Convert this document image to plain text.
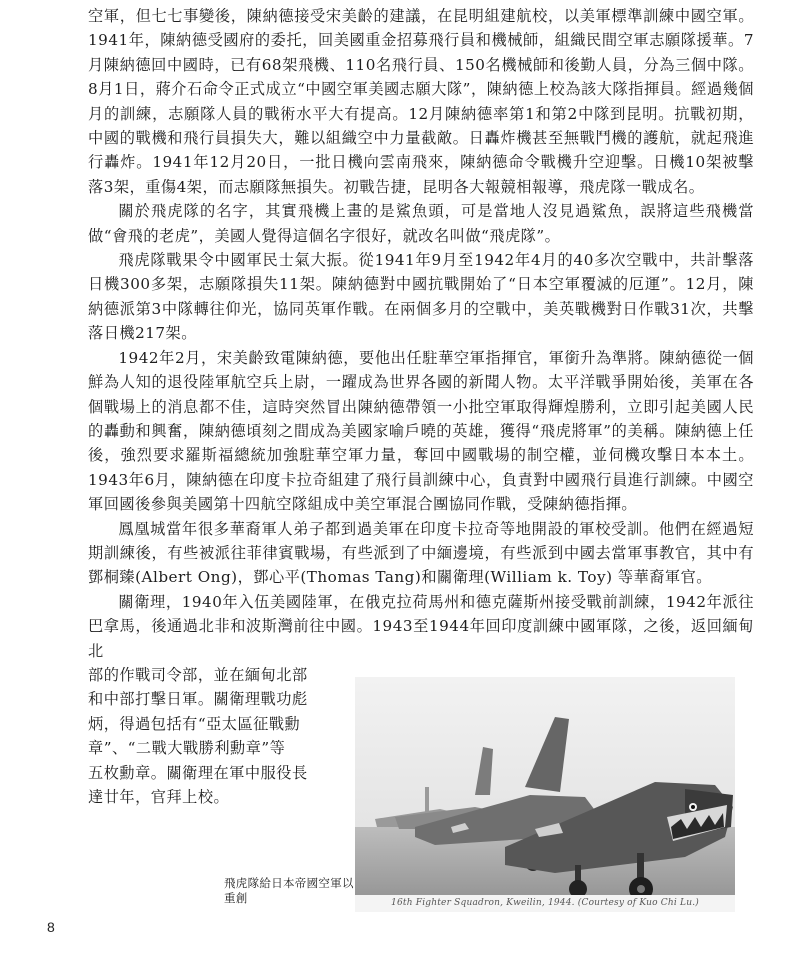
空軍，但七七事變後，陳納德接受宋美齡的建議，在昆明組建航校，以美軍標準訓練中國空軍。1941年，陳納德受國府的委托，回美國重金招募飛行員和機械師，組織民間空軍志願隊援華。7月陳納德回中國時，已有68架飛機、110名飛行員、150名機械師和後勤人員，分為三個中隊。8月1日，蔣介石命令正式成立“中國空軍美國志願大隊”，陳納德上校為該大隊指揮員。經過幾個月的訓練，志願隊人員的戰術水平大有提高。12月陳納德率第1和第2中隊到昆明。抗戰初期，中國的戰機和飛行員損失大，難以組織空中力量截敵。日轟炸機甚至無戰鬥機的護航，就起飛進行轟炸。1941年12月20日，一批日機向雲南飛來，陳納德命令戰機升空迎擊。日機10架被擊落3架，重傷4架，而志願隊無損失。初戰告捷，昆明各大報競相報導，飛虎隊一戰成名。

關於飛虎隊的名字，其實飛機上畫的是鯊魚頭，可是當地人沒見過鯊魚，誤將這些飛機當做“會飛的老虎”，美國人覺得這個名字很好，就改名叫做“飛虎隊”。

飛虎隊戰果令中國軍民士氣大振。從1941年9月至1942年4月的40多次空戰中，共計擊落日機300多架，志願隊損失11架。陳納德對中國抗戰開始了“日本空軍覆滅的厄運”。12月，陳納德派第3中隊轉往仰光，協同英軍作戰。在兩個多月的空戰中，美英戰機對日作戰31次，共擊落日機217架。

1942年2月，宋美齡致電陳納德，要他出任駐華空軍指揮官，軍銜升為準將。陳納德從一個鮮為人知的退役陸軍航空兵上尉，一躍成為世界各國的新聞人物。太平洋戰爭開始後，美軍在各個戰場上的消息都不佳，這時突然冒出陳納德帶領一小批空軍取得輝煌勝利，立即引起美國人民的轟動和興奮，陳納德頃刻之間成為美國家喻戶曉的英雄，獲得“飛虎將軍”的美稱。陳納德上任後，強烈要求羅斯福總統加強駐華空軍力量，奪回中國戰場的制空權，並伺機攻擊日本本土。1943年6月，陳納德在印度卡拉奇組建了飛行員訓練中心，負責對中國飛行員進行訓練。中國空軍回國後參與美國第十四航空隊組成中美空軍混合團協同作戰，受陳納德指揮。

鳳凰城當年很多華裔軍人弟子都到過美軍在印度卡拉奇等地開設的軍校受訓。他們在經過短期訓練後，有些被派往菲律賓戰場，有些派到了中緬邊境，有些派到中國去當軍事教官，其中有鄧桐臻(Albert Ong)，鄧心平(Thomas Tang)和關衛理(William k. Toy) 等華裔軍官。

關衛理，1940年入伍美國陸軍，在俄克拉荷馬州和德克薩斯州接受戰前訓練，1942年派往巴拿馬，後通過北非和波斯灣前往中國。1943至1944年回印度訓練中國軍隊，之後，返回緬甸北

部的作戰司令部，並在緬甸北部

和中部打擊日軍。關衛理戰功彪

炳，得過包括有“亞太區征戰勳

章”、“二戰大戰勝利勳章”等

五枚勳章。關衛理在軍中服役長

達廿年，官拜上校。

16th Fighter Squadron, Kweilin, 1944. (Courtesy of Kuo Chi Lu.)
飛虎隊給日本帝國空軍以重創
8
